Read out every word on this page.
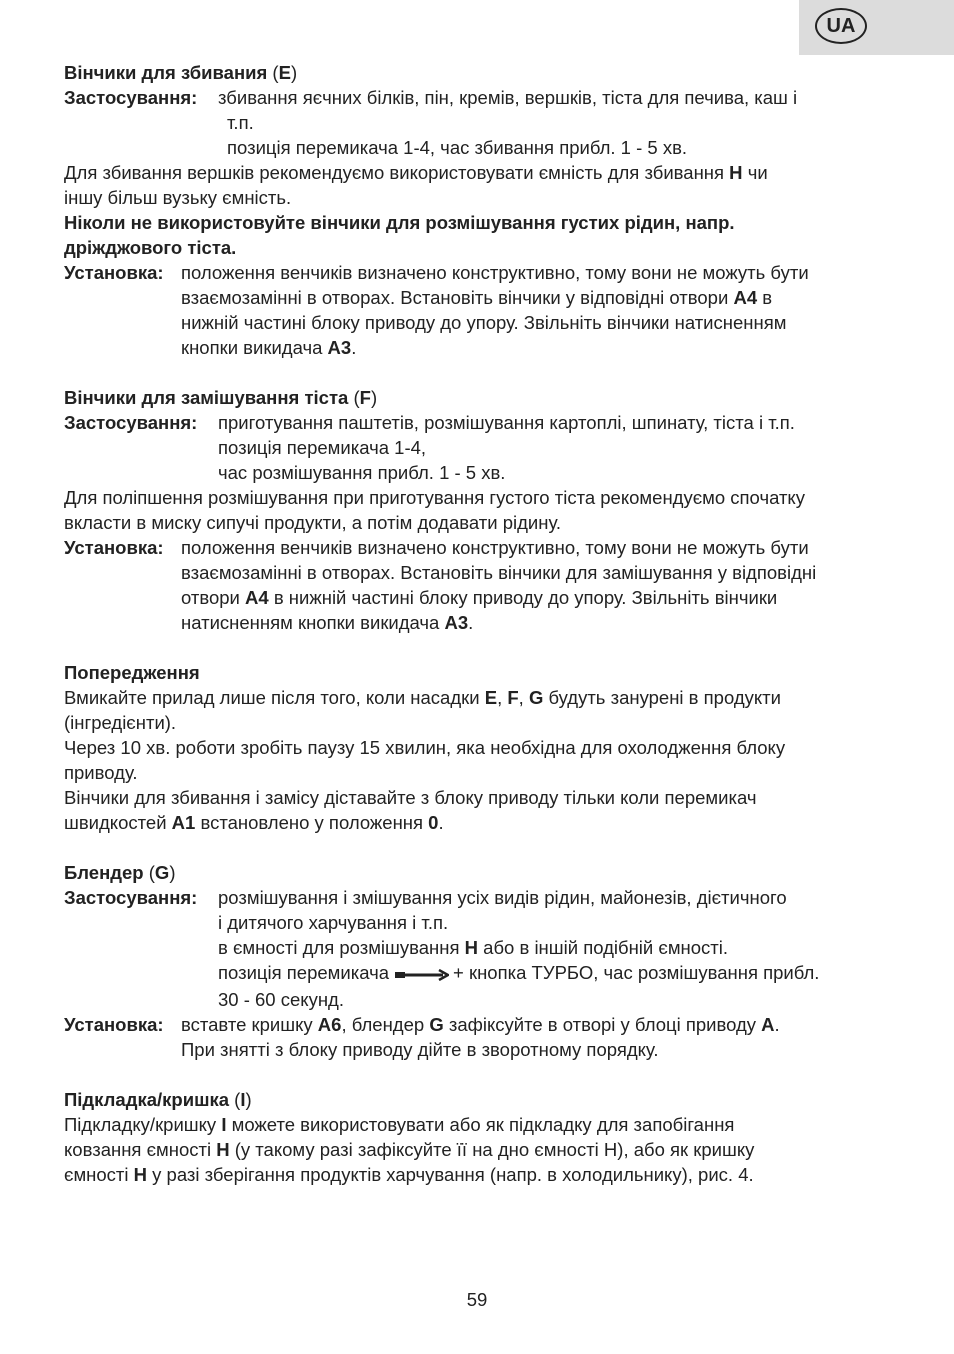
UA

Вінчики для збивания (E)

Застосування:	збивання яєчних білків, пін, кремів, вершків, тіста для печива, каш і

т.п.

позиція перемикача 1-4, час збивання прибл. 1 - 5 хв.

Для збивання вершків рекомендуємо використовувати ємність для збивання H чи

іншу більш вузьку ємність.

Ніколи не використовуйте вінчики для розмішування густих рідин, напр.

дріжджового тіста.

Установка: положення венчиків визначено конструктивно, тому вони не можуть бути

взаємозамінні в отворах. Встановіть вінчики у відповідні отвори A4 в

нижній частині блоку приводу до упору. Звільніть вінчики натисненням

кнопки викидача A3.

Вінчики для замішування тіста (F)

Застосування:	приготування паштетів, розмішування картоплі, шпинату, тіста і т.п.

позиція перемикача 1-4,

час розмішування прибл. 1 - 5 хв.

Для поліпшення розмішування при приготування густого тіста рекомендуємо спочатку

вкласти в миску сипучі продукти, а потім додавати рідину.

Установка: положення венчиків визначено конструктивно, тому вони не можуть бути

взаємозамінні в отворах. Встановіть вінчики для замішування у відповідні

отвори A4 в нижній частині блоку приводу до упору. Звільніть вінчики

натисненням кнопки викидача A3.

Попередження

Вмикайте прилад лише після того, коли насадки E, F, G будуть занурені в продукти

(інгредієнти).

Через 10 хв. роботи зробіть паузу 15 хвилин, яка необхідна для охолодження блоку

приводу.

Вінчики для збивання і замісу діставайте з блоку приводу тільки коли перемикач

швидкостей A1 встановлено у положення 0.

Блендер (G)

Застосування:	розмішування і змішування усіх видів рідин, майонезів, дієтичного

і дитячого харчування і т.п.

в ємності для розмішування H або в іншій подібній ємності.

позиція перемикача	+ кнопка ТУРБО, час розмішування прибл.

30 - 60 секунд.

Установка: вставте кришку A6, блендер G зафіксуйте в отворі у блоці приводу A.

При знятті з блоку приводу дійте в зворотному порядку.

Підкладка/кришка (I)

Підкладку/кришку I можете використовувати або як підкладку для запобігання

ковзання ємності H (у такому разі зафіксуйте її на дно ємності H), або як кришку

ємності H у разі зберігання продуктів харчування (напр. в холодильнику), рис. 4.

59
